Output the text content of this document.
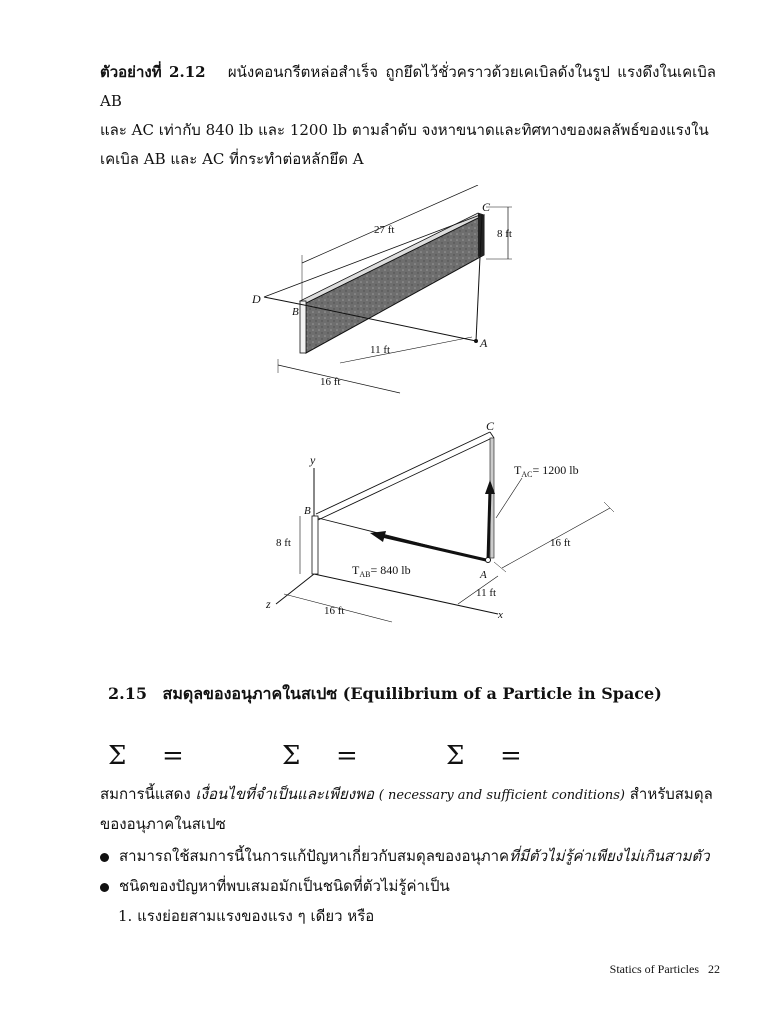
ตัวอย่างที่ 2.12 ผนังคอนกรีตหล่อสำเร็จ ถูกยึดไว้ชั่วคราวด้วยเคเบิลดังในรูป แรงดึงในเคเบิล AB
และ AC เท่ากับ 840 lb และ 1200 lb ตามลำดับ จงหาขนาดและทิศทางของผลลัพธ์ของแรงใน
เคเบิล AB และ AC ที่กระทำต่อหลักยึด A
27 ft	8 ft
11 ft
16 ft
C
D
B
A
8 ft	16 ft
11 ft
16 ft
C
y
B
A
z
x
$T_{AC}= 1200$ lb
$T_{AB}= 840$ lb
2.15 สมดุลของอนุภาคในสเปซ (Equilibrium of a Particle in Space)
Σ =	Σ =	Σ =
สมการนี้แสดง เงื่อนไขที่จำเป็นและเพียงพอ ( necessary and sufficient conditions) สำหรับสมดุล
ของอนุภาคในสเปซ
สามารถใช้สมการนี้ในการแก้ปัญหาเกี่ยวกับสมดุลของอนุภาคที่มีตัวไม่รู้ค่าเพียงไม่เกินสามตัว
ชนิดของปัญหาที่พบเสมอมักเป็นชนิดที่ตัวไม่รู้ค่าเป็น
1. แรงย่อยสามแรงของแรง ๆ เดียว หรือ
Statics of Particles 22
